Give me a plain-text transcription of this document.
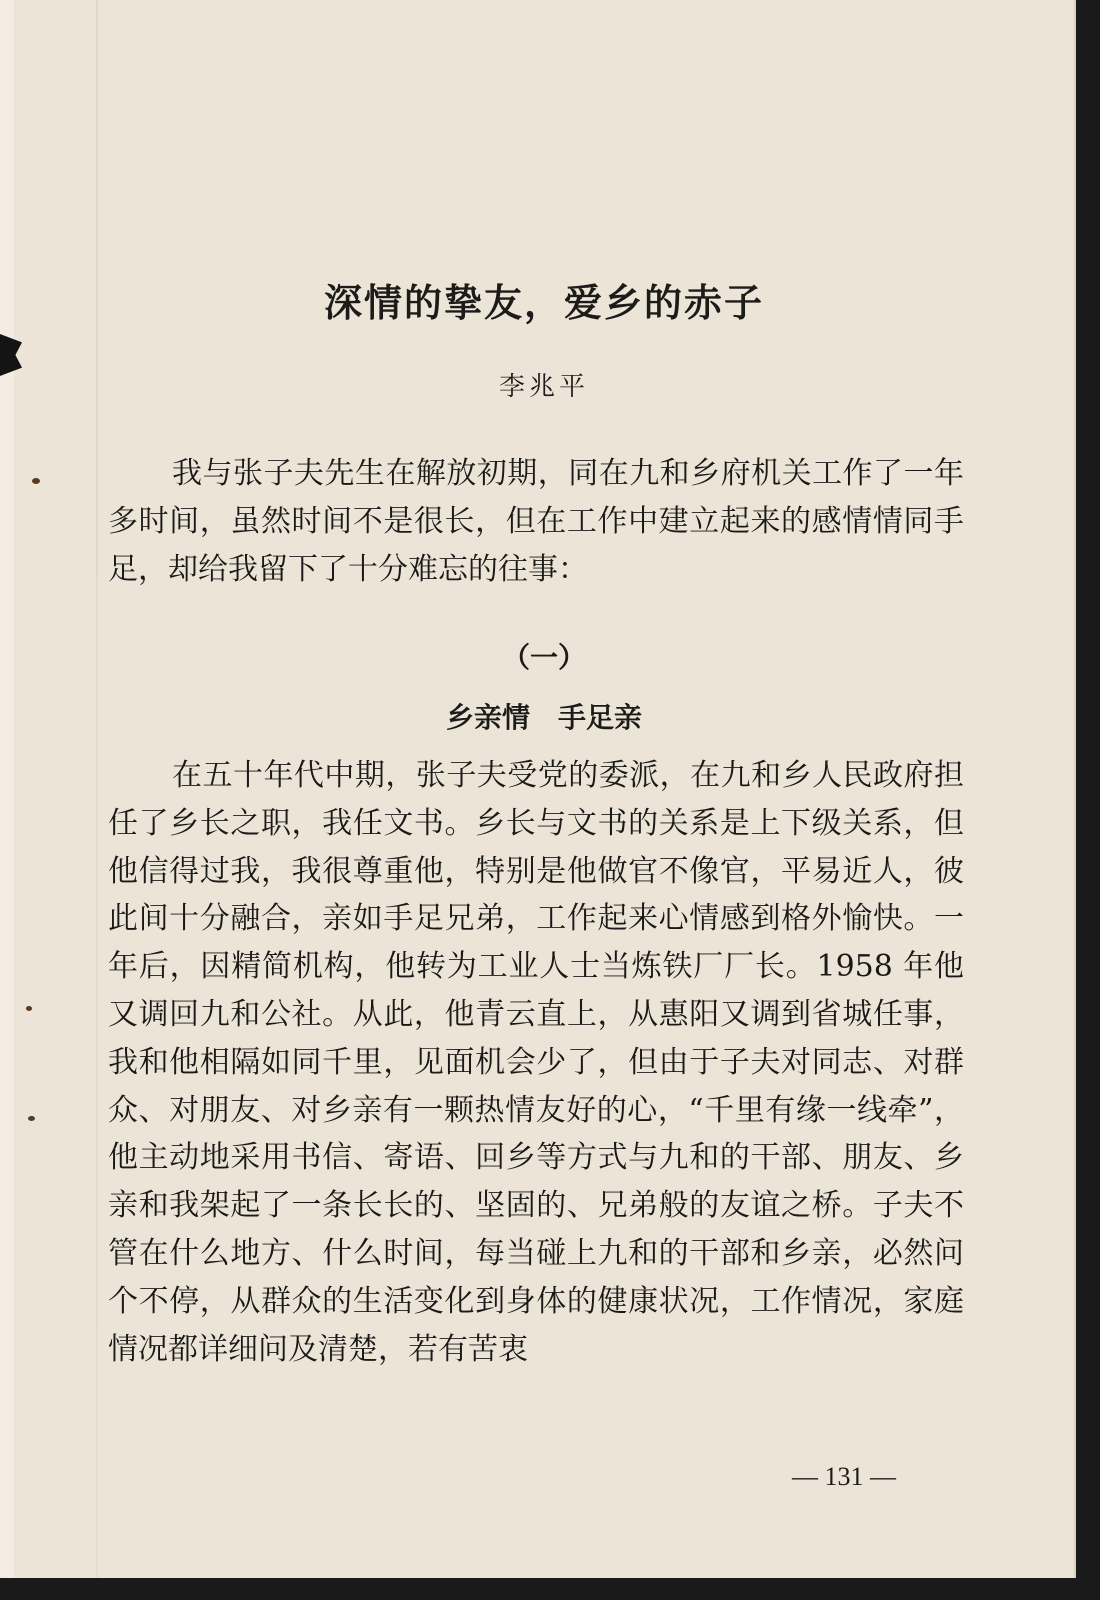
深情的挚友，爱乡的赤子
李兆平

我与张子夫先生在解放初期，同在九和乡府机关工作了一年多时间，虽然时间不是很长，但在工作中建立起来的感情情同手足，却给我留下了十分难忘的往事：

（一）
乡亲情　手足亲

在五十年代中期，张子夫受党的委派，在九和乡人民政府担任了乡长之职，我任文书。乡长与文书的关系是上下级关系，但他信得过我，我很尊重他，特别是他做官不像官，平易近人，彼此间十分融合，亲如手足兄弟，工作起来心情感到格外愉快。一年后，因精简机构，他转为工业人士当炼铁厂厂长。1958 年他又调回九和公社。从此，他青云直上，从惠阳又调到省城任事，我和他相隔如同千里，见面机会少了，但由于子夫对同志、对群众、对朋友、对乡亲有一颗热情友好的心，“千里有缘一线牵”，他主动地采用书信、寄语、回乡等方式与九和的干部、朋友、乡亲和我架起了一条长长的、坚固的、兄弟般的友谊之桥。子夫不管在什么地方、什么时间，每当碰上九和的干部和乡亲，必然问个不停，从群众的生活变化到身体的健康状况，工作情况，家庭情况都详细问及清楚，若有苦衷

— 131 —
